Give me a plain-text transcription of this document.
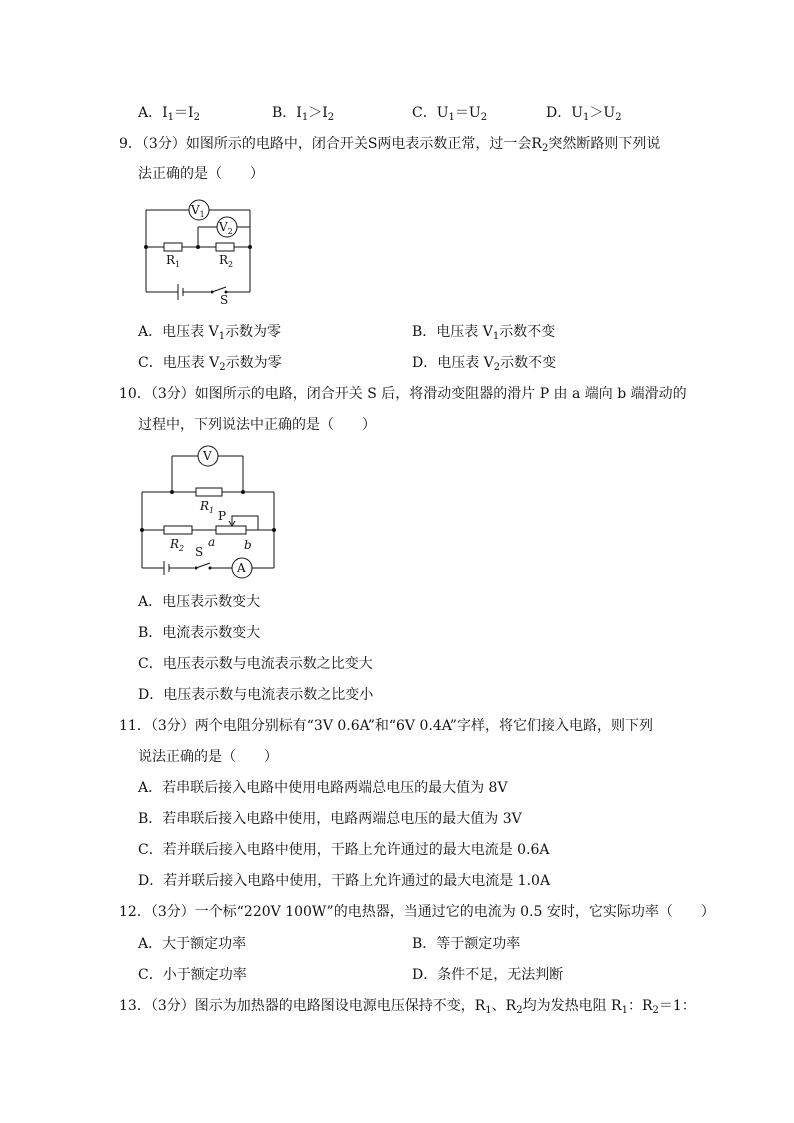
A．$I_1=I_2$	B．$I_1>I_2$	C．$U_1=U_2$	D．$U_1>U_2$
9．（3分）如图所示的电路中，闭合开关S两电表示数正常，过一会$R_2$突然断路则下列说
法正确的是（　　）
$V_1$
$V_2$
$R_1$	$R_2$
S
A．电压表 $V_1$示数为零	B．电压表 $V_1$示数不变
C．电压表 $V_2$示数为零	D．电压表 $V_2$示数不变
10．（3分）如图所示的电路，闭合开关 S 后，将滑动变阻器的滑片 P 由 a 端向 b 端滑动的
过程中，下列说法中正确的是（　　）
V
$R_1$ P
$R_2$ a b
A
S
A．电压表示数变大
B．电流表示数变大
C．电压表示数与电流表示数之比变大
D．电压表示数与电流表示数之比变小
11．（3分）两个电阻分别标有“3V 0.6A”和“6V 0.4A”字样，将它们接入电路，则下列
说法正确的是（　　）
A．若串联后接入电路中使用电路两端总电压的最大值为 8V
B．若串联后接入电路中使用，电路两端总电压的最大值为 3V
C．若并联后接入电路中使用，干路上允许通过的最大电流是 0.6A
D．若并联后接入电路中使用，干路上允许通过的最大电流是 1.0A
12．（3分）一个标“220V 100W”的电热器，当通过它的电流为 0.5 安时，它实际功率（　　）
A．大于额定功率	B．等于额定功率
C．小于额定功率	D．条件不足，无法判断
13．（3分）图示为加热器的电路图设电源电压保持不变，$R_1$、$R_2$均为发热电阻 $R_1$：$R_2=1$：
